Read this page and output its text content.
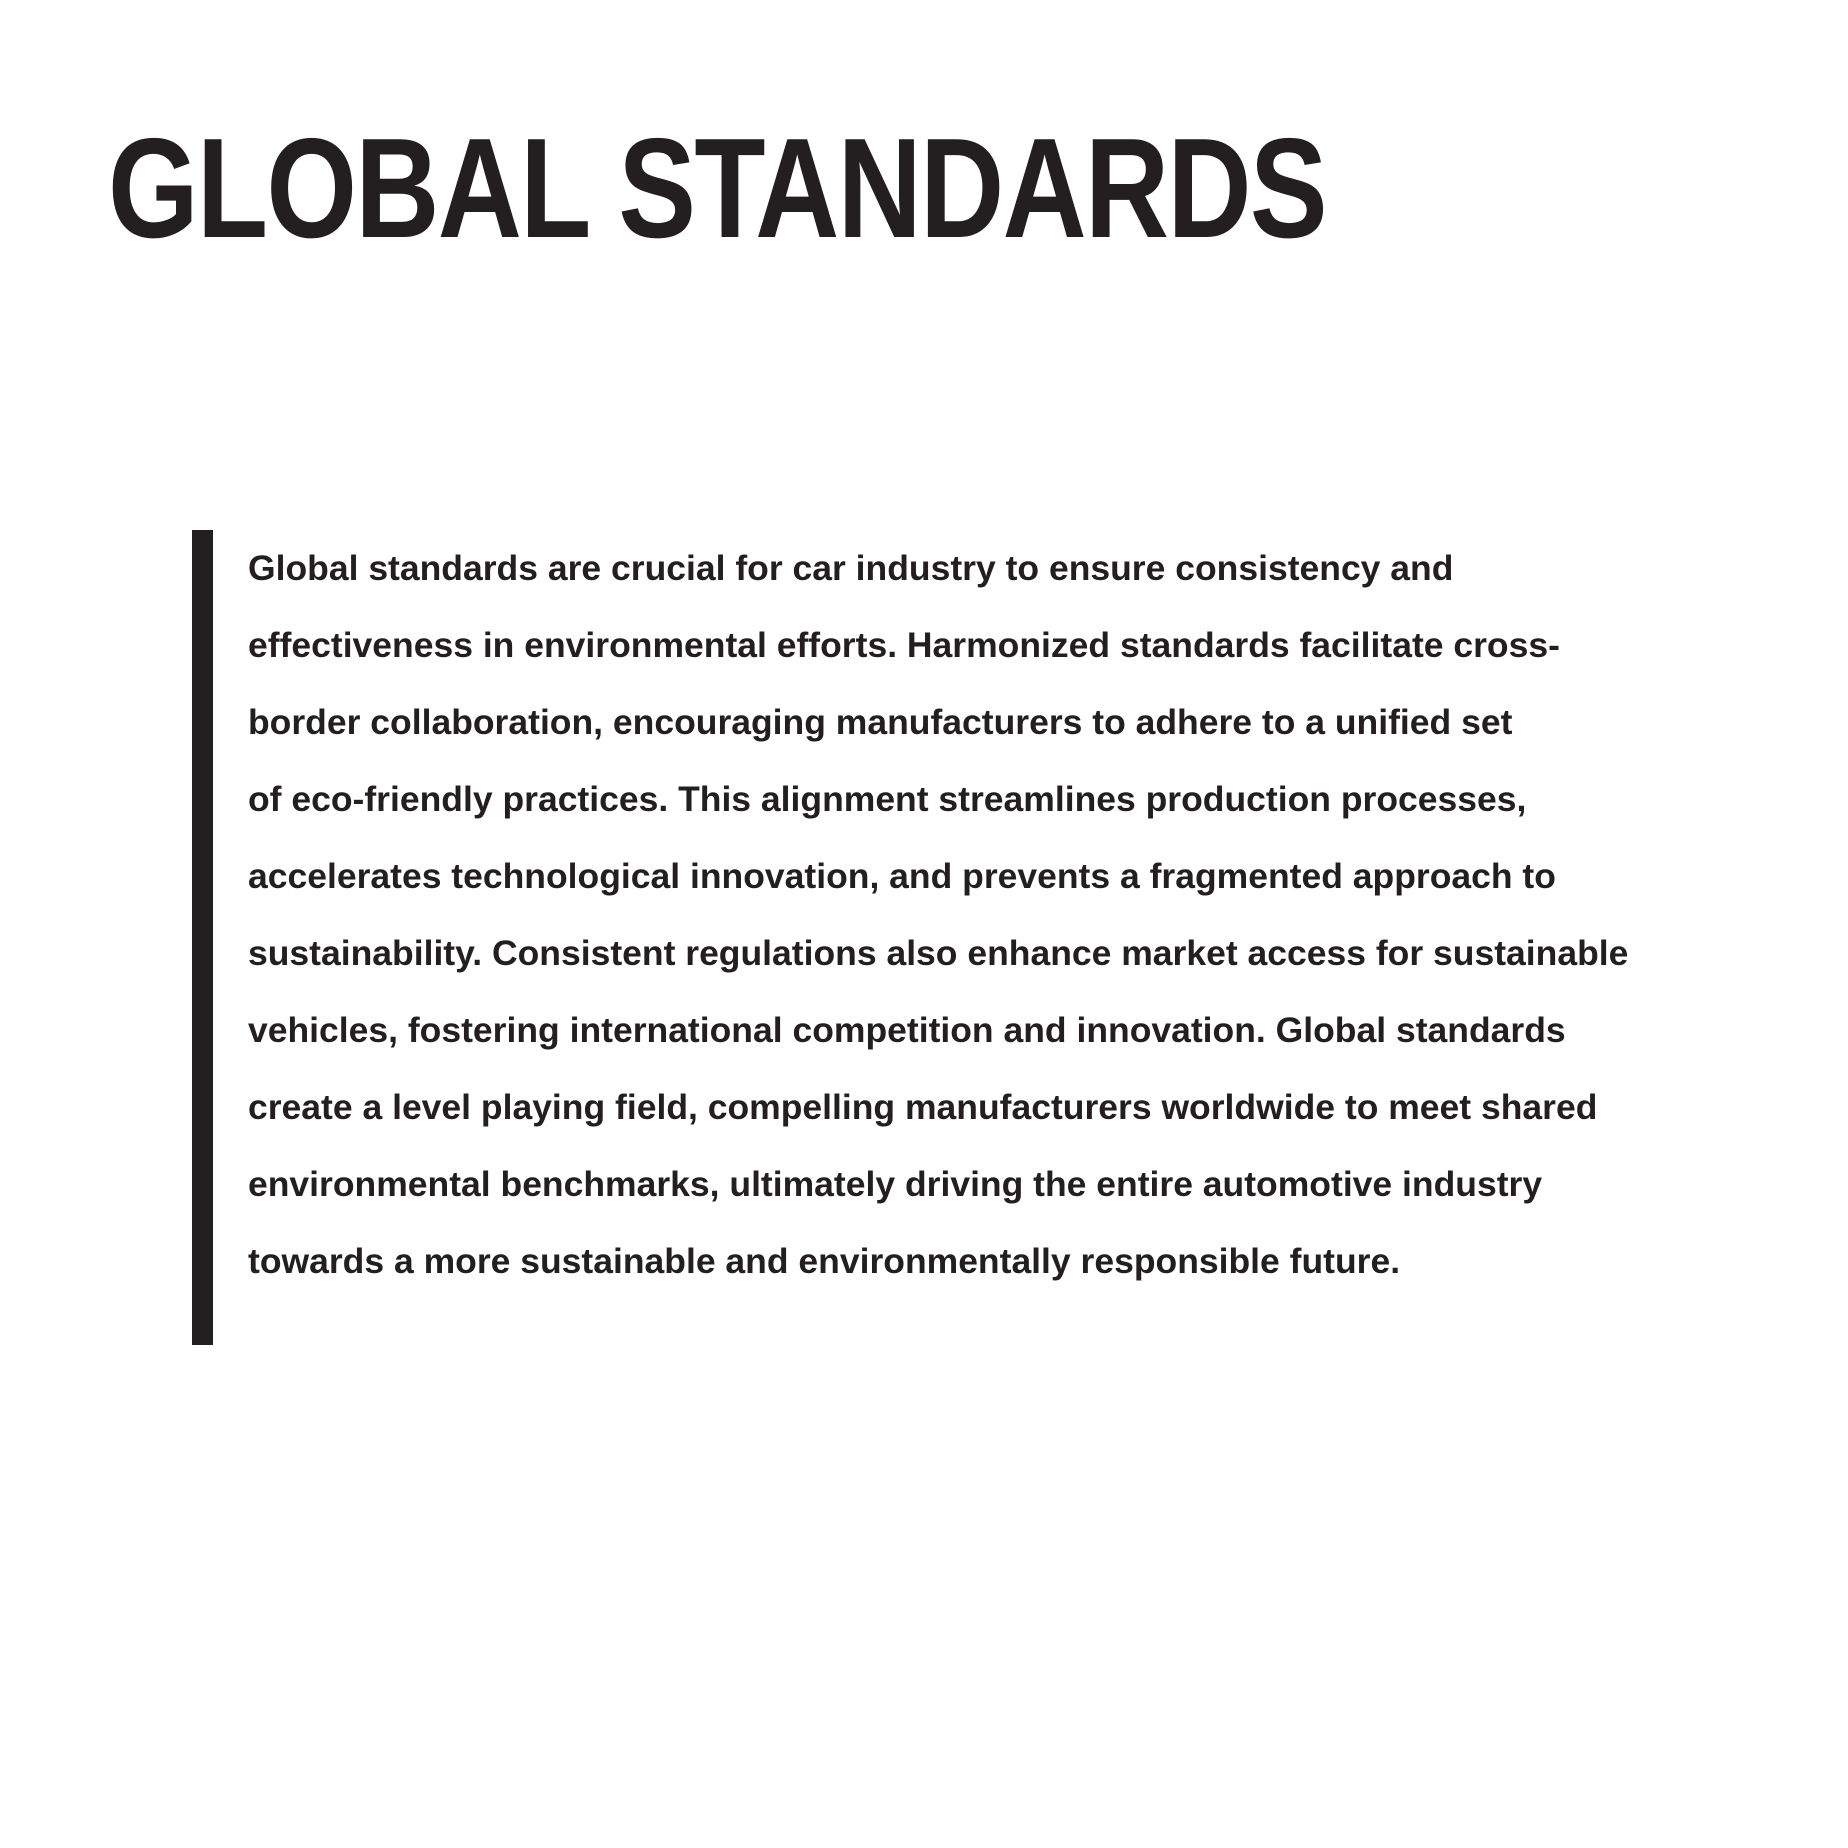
GLOBAL STANDARDS
Global standards are crucial for car industry to ensure consistency and
effectiveness in environmental efforts. Harmonized standards facilitate cross-
border collaboration, encouraging manufacturers to adhere to a unified set
of eco-friendly practices. This alignment streamlines production processes,
accelerates technological innovation, and prevents a fragmented approach to
sustainability. Consistent regulations also enhance market access for sustainable
vehicles, fostering international competition and innovation. Global standards
create a level playing field, compelling manufacturers worldwide to meet shared
environmental benchmarks, ultimately driving the entire automotive industry
towards a more sustainable and environmentally responsible future.
